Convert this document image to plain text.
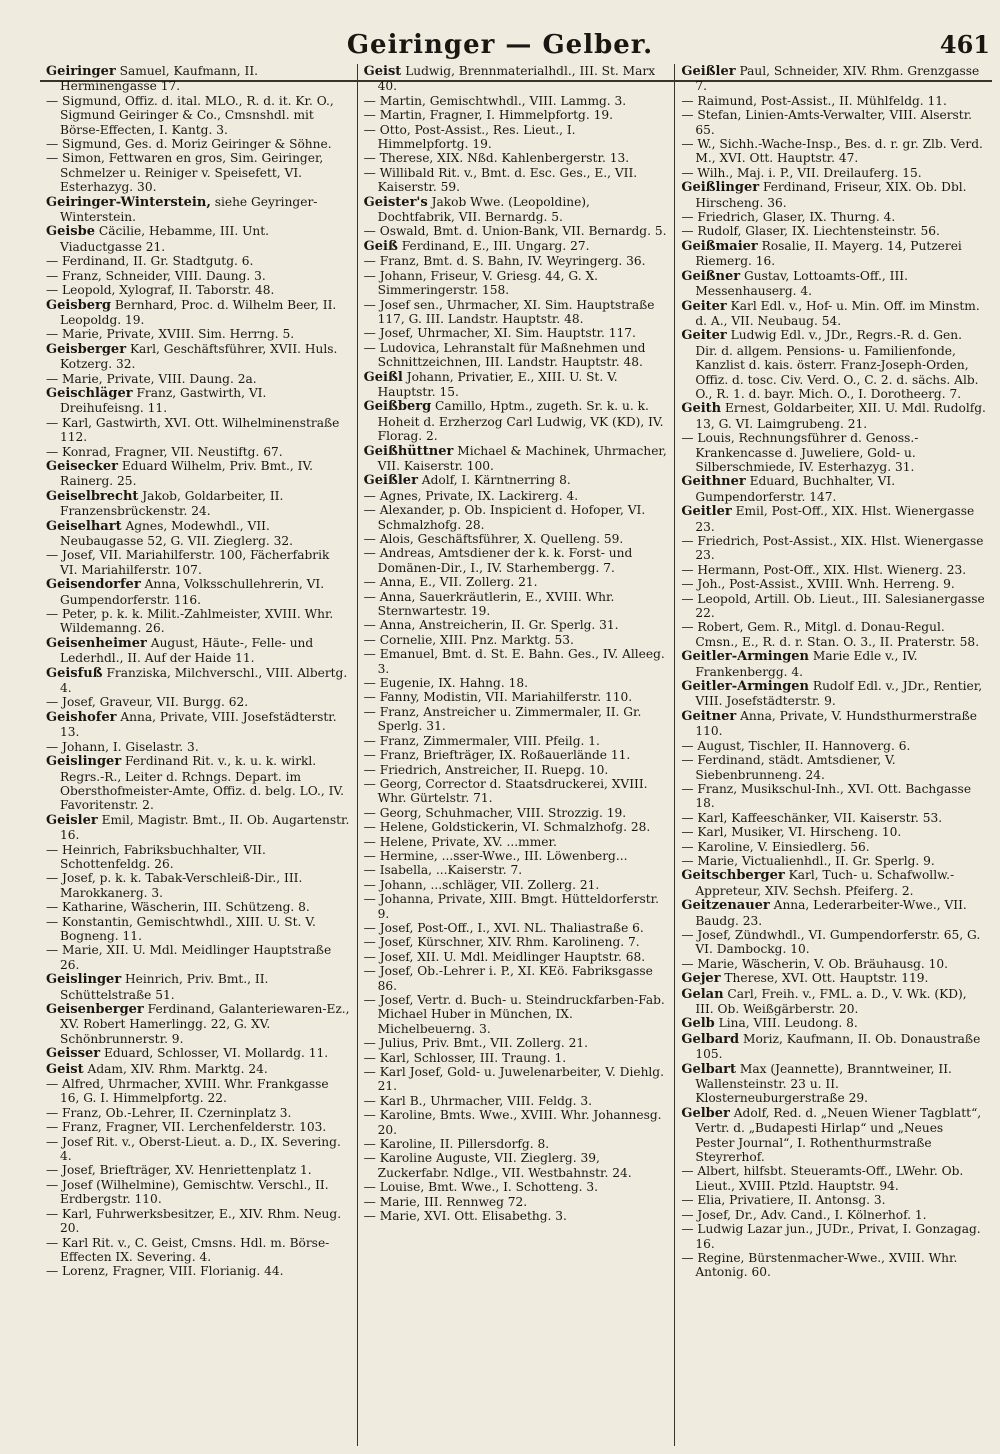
Geiringer — Gelber.	461

Geiringer Samuel, Kaufmann, II. Herminengasse 17.

— Sigmund, Offiz. d. ital. MLO., R. d. it. Kr. O., Sigmund Geiringer & Co., Cmsnshdl. mit Börse-Effecten, I. Kantg. 3.

— Sigmund, Ges. d. Moriz Geiringer & Söhne.

— Simon, Fettwaren en gros, Sim. Geiringer, Schmelzer u. Reiniger v. Speisefett, VI. Esterhazyg. 30.

Geiringer-Winterstein, siehe Geyringer-Winterstein.

Geisbe Cäcilie, Hebamme, III. Unt. Viaductgasse 21.

— Ferdinand, II. Gr. Stadtgutg. 6.

— Franz, Schneider, VIII. Daung. 3.

— Leopold, Xylograf, II. Taborstr. 48.

Geisberg Bernhard, Proc. d. Wilhelm Beer, II. Leopoldg. 19.

— Marie, Private, XVIII. Sim. Herrng. 5.

Geisberger Karl, Geschäftsführer, XVII. Huls. Kotzerg. 32.

— Marie, Private, VIII. Daung. 2a.

Geischläger Franz, Gastwirth, VI. Dreihufeisng. 11.

— Karl, Gastwirth, XVI. Ott. Wilhelminenstraße 112.

— Konrad, Fragner, VII. Neustiftg. 67.

Geisecker Eduard Wilhelm, Priv. Bmt., IV. Rainerg. 25.

Geiselbrecht Jakob, Goldarbeiter, II. Franzensbrückenstr. 24.

Geiselhart Agnes, Modewhdl., VII. Neubaugasse 52, G. VII. Zieglerg. 32.

— Josef, VII. Mariahilferstr. 100, Fächerfabrik VI. Mariahilferstr. 107.

Geisendorfer Anna, Volksschullehrerin, VI. Gumpendorferstr. 116.

— Peter, p. k. k. Milit.-Zahlmeister, XVIII. Whr. Wildemanng. 26.

Geisenheimer August, Häute-, Felle- und Lederhdl., II. Auf der Haide 11.

Geisfuß Franziska, Milchverschl., VIII. Albertg. 4.

— Josef, Graveur, VII. Burgg. 62.

Geishofer Anna, Private, VIII. Josefstädterstr. 13.

— Johann, I. Giselastr. 3.

Geislinger Ferdinand Rit. v., k. u. k. wirkl. Regrs.-R., Leiter d. Rchngs. Depart. im Obersthofmeister-Amte, Offiz. d. belg. LO., IV. Favoritenstr. 2.

Geisler Emil, Magistr. Bmt., II. Ob. Augartenstr. 16.

— Heinrich, Fabriksbuchhalter, VII. Schottenfeldg. 26.

— Josef, p. k. k. Tabak-Verschleiß-Dir., III. Marokkanerg. 3.

— Katharine, Wäscherin, III. Schützeng. 8.

— Konstantin, Gemischtwhdl., XIII. U. St. V. Bogneng. 11.

— Marie, XII. U. Mdl. Meidlinger Hauptstraße 26.

Geislinger Heinrich, Priv. Bmt., II. Schüttelstraße 51.

Geisenberger Ferdinand, Galanteriewaren-Ez., XV. Robert Hamerlingg. 22, G. XV. Schönbrunnerstr. 9.

Geisser Eduard, Schlosser, VI. Mollardg. 11.

Geist Adam, XIV. Rhm. Marktg. 24.

— Alfred, Uhrmacher, XVIII. Whr. Frankgasse 16, G. I. Himmelpfortg. 22.

— Franz, Ob.-Lehrer, II. Czerninplatz 3.

— Franz, Fragner, VII. Lerchenfelderstr. 103.

— Josef Rit. v., Oberst-Lieut. a. D., IX. Severing. 4.

— Josef, Briefträger, XV. Henriettenplatz 1.

— Josef (Wilhelmine), Gemischtw. Verschl., II. Erdbergstr. 110.

— Karl, Fuhrwerksbesitzer, E., XIV. Rhm. Neug. 20.

— Karl Rit. v., C. Geist, Cmsns. Hdl. m. Börse-Effecten IX. Severing. 4.

— Lorenz, Fragner, VIII. Florianig. 44.

Geist Ludwig, Brennmaterialhdl., III. St. Marx 40.

— Martin, Gemischtwhdl., VIII. Lammg. 3.

— Martin, Fragner, I. Himmelpfortg. 19.

— Otto, Post-Assist., Res. Lieut., I. Himmelpfortg. 19.

— Therese, XIX. Nßd. Kahlenbergerstr. 13.

— Willibald Rit. v., Bmt. d. Esc. Ges., E., VII. Kaiserstr. 59.

Geister's Jakob Wwe. (Leopoldine), Dochtfabrik, VII. Bernardg. 5.

— Oswald, Bmt. d. Union-Bank, VII. Bernardg. 5.

Geiß Ferdinand, E., III. Ungarg. 27.

— Franz, Bmt. d. S. Bahn, IV. Weyringerg. 36.

— Johann, Friseur, V. Griesg. 44, G. X. Simmeringerstr. 158.

— Josef sen., Uhrmacher, XI. Sim. Hauptstraße 117, G. III. Landstr. Hauptstr. 48.

— Josef, Uhrmacher, XI. Sim. Hauptstr. 117.

— Ludovica, Lehranstalt für Maßnehmen und Schnittzeichnen, III. Landstr. Hauptstr. 48.

Geißl Johann, Privatier, E., XIII. U. St. V. Hauptstr. 15.

Geißberg Camillo, Hptm., zugeth. Sr. k. u. k. Hoheit d. Erzherzog Carl Ludwig, VK (KD), IV. Florag. 2.

Geißhüttner Michael & Machinek, Uhrmacher, VII. Kaiserstr. 100.

Geißler Adolf, I. Kärntnerring 8.

— Agnes, Private, IX. Lackirerg. 4.

— Alexander, p. Ob. Inspicient d. Hofoper, VI. Schmalzhofg. 28.

— Alois, Geschäftsführer, X. Quelleng. 59.

— Andreas, Amtsdiener der k. k. Forst- und Domänen-Dir., I., IV. Starhembergg. 7.

— Anna, E., VII. Zollerg. 21.

— Anna, Sauerkräutlerin, E., XVIII. Whr. Sternwartestr. 19.

— Anna, Anstreicherin, II. Gr. Sperlg. 31.

— Cornelie, XIII. Pnz. Marktg. 53.

— Emanuel, Bmt. d. St. E. Bahn. Ges., IV. Alleeg. 3.

— Eugenie, IX. Hahng. 18.

— Fanny, Modistin, VII. Mariahilferstr. 110.

— Franz, Anstreicher u. Zimmermaler, II. Gr. Sperlg. 31.

— Franz, Zimmermaler, VIII. Pfeilg. 1.

— Franz, Briefträger, IX. Roßauerlände 11.

— Friedrich, Anstreicher, II. Ruepg. 10.

— Georg, Corrector d. Staatsdruckerei, XVIII. Whr. Gürtelstr. 71.

— Georg, Schuhmacher, VIII. Strozzig. 19.

— Helene, Goldstickerin, VI. Schmalzhofg. 28.

— Helene, Private, XV. ...mmer.

— Hermine, ...sser-Wwe., III. Löwenberg...

— Isabella, ...Kaiserstr. 7.

— Johann, ...schläger, VII. Zollerg. 21.

— Johanna, Private, XIII. Bmgt. Hütteldorferstr. 9.

— Josef, Post-Off., I., XVI. NL. Thaliastraße 6.

— Josef, Kürschner, XIV. Rhm. Karolineng. 7.

— Josef, XII. U. Mdl. Meidlinger Hauptstr. 68.

— Josef, Ob.-Lehrer i. P., XI. KEö. Fabriksgasse 86.

— Josef, Vertr. d. Buch- u. Steindruckfarben-Fab. Michael Huber in München, IX. Michelbeuerng. 3.

— Julius, Priv. Bmt., VII. Zollerg. 21.

— Karl, Schlosser, III. Traung. 1.

— Karl Josef, Gold- u. Juwelenarbeiter, V. Diehlg. 21.

— Karl B., Uhrmacher, VIII. Feldg. 3.

— Karoline, Bmts. Wwe., XVIII. Whr. Johannesg. 20.

— Karoline, II. Pillersdorfg. 8.

— Karoline Auguste, VII. Zieglerg. 39, Zuckerfabr. Ndlge., VII. Westbahnstr. 24.

— Louise, Bmt. Wwe., I. Schotteng. 3.

— Marie, III. Rennweg 72.

— Marie, XVI. Ott. Elisabethg. 3.

Geißler Paul, Schneider, XIV. Rhm. Grenzgasse 7.

— Raimund, Post-Assist., II. Mühlfeldg. 11.

— Stefan, Linien-Amts-Verwalter, VIII. Alserstr. 65.

— W., Sichh.-Wache-Insp., Bes. d. r. gr. Zlb. Verd. M., XVI. Ott. Hauptstr. 47.

— Wilh., Maj. i. P., VII. Dreilauferg. 15.

Geißlinger Ferdinand, Friseur, XIX. Ob. Dbl. Hirscheng. 36.

— Friedrich, Glaser, IX. Thurng. 4.

— Rudolf, Glaser, IX. Liechtensteinstr. 56.

Geißmaier Rosalie, II. Mayerg. 14, Putzerei Riemerg. 16.

Geißner Gustav, Lottoamts-Off., III. Messenhauserg. 4.

Geiter Karl Edl. v., Hof- u. Min. Off. im Minstm. d. A., VII. Neubaug. 54.

Geiter Ludwig Edl. v., JDr., Regrs.-R. d. Gen. Dir. d. allgem. Pensions- u. Familienfonde, Kanzlist d. kais. österr. Franz-Joseph-Orden, Offiz. d. tosc. Civ. Verd. O., C. 2. d. sächs. Alb. O., R. 1. d. bayr. Mich. O., I. Dorotheerg. 7.

Geith Ernest, Goldarbeiter, XII. U. Mdl. Rudolfg. 13, G. VI. Laimgrubeng. 21.

— Louis, Rechnungsführer d. Genoss.-Krankencasse d. Juweliere, Gold- u. Silberschmiede, IV. Esterhazyg. 31.

Geithner Eduard, Buchhalter, VI. Gumpendorferstr. 147.

Geitler Emil, Post-Off., XIX. Hlst. Wienergasse 23.

— Friedrich, Post-Assist., XIX. Hlst. Wienergasse 23.

— Hermann, Post-Off., XIX. Hlst. Wienerg. 23.

— Joh., Post-Assist., XVIII. Wnh. Herreng. 9.

— Leopold, Artill. Ob. Lieut., III. Salesianergasse 22.

— Robert, Gem. R., Mitgl. d. Donau-Regul. Cmsn., E., R. d. r. Stan. O. 3., II. Praterstr. 58.

Geitler-Armingen Marie Edle v., IV. Frankenbergg. 4.

Geitler-Armingen Rudolf Edl. v., JDr., Rentier, VIII. Josefstädterstr. 9.

Geitner Anna, Private, V. Hundsthurmerstraße 110.

— August, Tischler, II. Hannoverg. 6.

— Ferdinand, städt. Amtsdiener, V. Siebenbrunneng. 24.

— Franz, Musikschul-Inh., XVI. Ott. Bachgasse 18.

— Karl, Kaffeeschänker, VII. Kaiserstr. 53.

— Karl, Musiker, VI. Hirscheng. 10.

— Karoline, V. Einsiedlerg. 56.

— Marie, Victualienhdl., II. Gr. Sperlg. 9.

Geitschberger Karl, Tuch- u. Schafwollw.-Appreteur, XIV. Sechsh. Pfeiferg. 2.

Geitzenauer Anna, Lederarbeiter-Wwe., VII. Baudg. 23.

— Josef, Zündwhdl., VI. Gumpendorferstr. 65, G. VI. Dambockg. 10.

— Marie, Wäscherin, V. Ob. Bräuhausg. 10.

Gejer Therese, XVI. Ott. Hauptstr. 119.

Gelan Carl, Freih. v., FML. a. D., V. Wk. (KD), III. Ob. Weißgärberstr. 20.

Gelb Lina, VIII. Leudong. 8.

Gelbard Moriz, Kaufmann, II. Ob. Donaustraße 105.

Gelbart Max (Jeannette), Branntweiner, II. Wallensteinstr. 23 u. II. Klosterneuburgerstraße 29.

Gelber Adolf, Red. d. „Neuen Wiener Tagblatt“, Vertr. d. „Budapesti Hirlap“ und „Neues Pester Journal“, I. Rothenthurmstraße Steyrerhof.

— Albert, hilfsbt. Steueramts-Off., LWehr. Ob. Lieut., XVIII. Ptzld. Hauptstr. 94.

— Elia, Privatiere, II. Antonsg. 3.

— Josef, Dr., Adv. Cand., I. Kölnerhof. 1.

— Ludwig Lazar jun., JUDr., Privat, I. Gonzagag. 16.

— Regine, Bürstenmacher-Wwe., XVIII. Whr. Antonig. 60.
